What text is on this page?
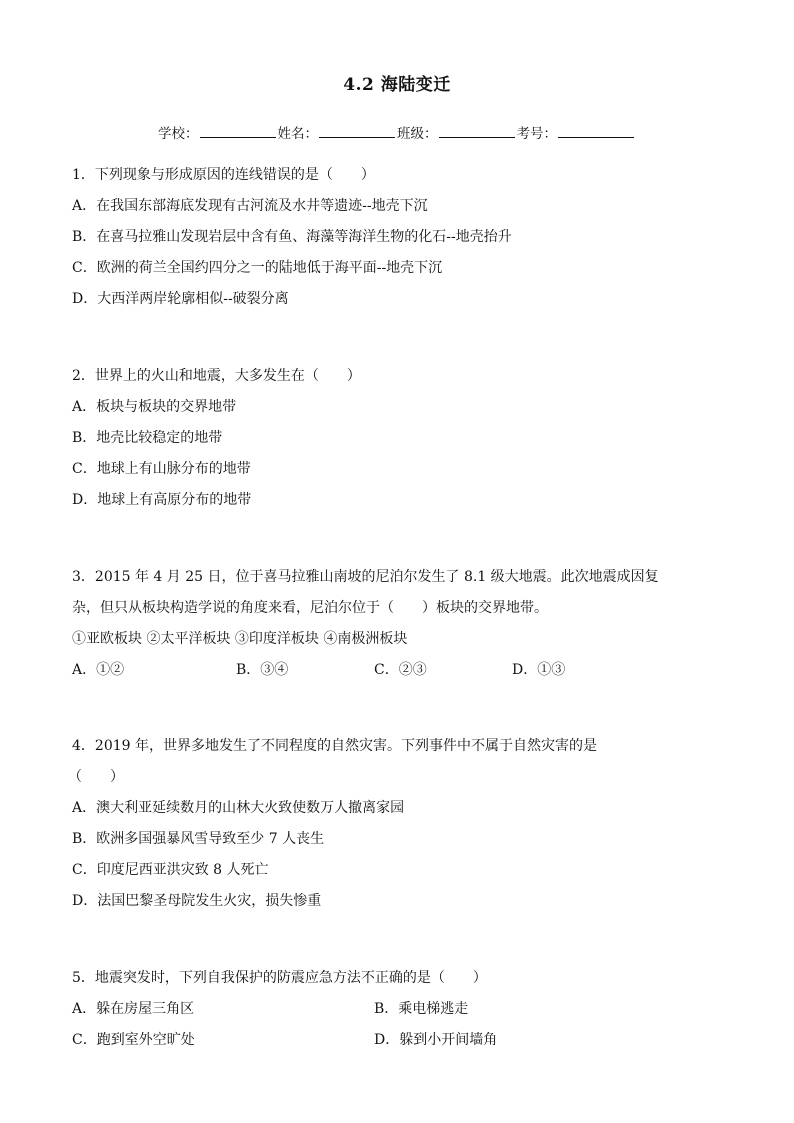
4.2 海陆变迁
学校：	姓名：	班级：	考号：
1．下列现象与形成原因的连线错误的是（　　）
A．在我国东部海底发现有古河流及水井等遗迹--地壳下沉
B．在喜马拉雅山发现岩层中含有鱼、海藻等海洋生物的化石--地壳抬升
C．欧洲的荷兰全国约四分之一的陆地低于海平面--地壳下沉
D．大西洋两岸轮廓相似--破裂分离
2．世界上的火山和地震，大多发生在（　　）
A．板块与板块的交界地带
B．地壳比较稳定的地带
C．地球上有山脉分布的地带
D．地球上有高原分布的地带
3．2015 年 4 月 25 日，位于喜马拉雅山南坡的尼泊尔发生了 8.1 级大地震。此次地震成因复
杂，但只从板块构造学说的角度来看，尼泊尔位于（　　）板块的交界地带。
①亚欧板块 ②太平洋板块 ③印度洋板块 ④南极洲板块
A．①②	B．③④	C．②③	D．①③
4．2019 年，世界多地发生了不同程度的自然灾害。下列事件中不属于自然灾害的是
（　　）
A．澳大利亚延续数月的山林大火致使数万人撤离家园
B．欧洲多国强暴风雪导致至少 7 人丧生
C．印度尼西亚洪灾致 8 人死亡
D．法国巴黎圣母院发生火灾，损失惨重
5．地震突发时，下列自我保护的防震应急方法不正确的是（　　）
A．躲在房屋三角区	B．乘电梯逃走
C．跑到室外空旷处	D．躲到小开间墙角
